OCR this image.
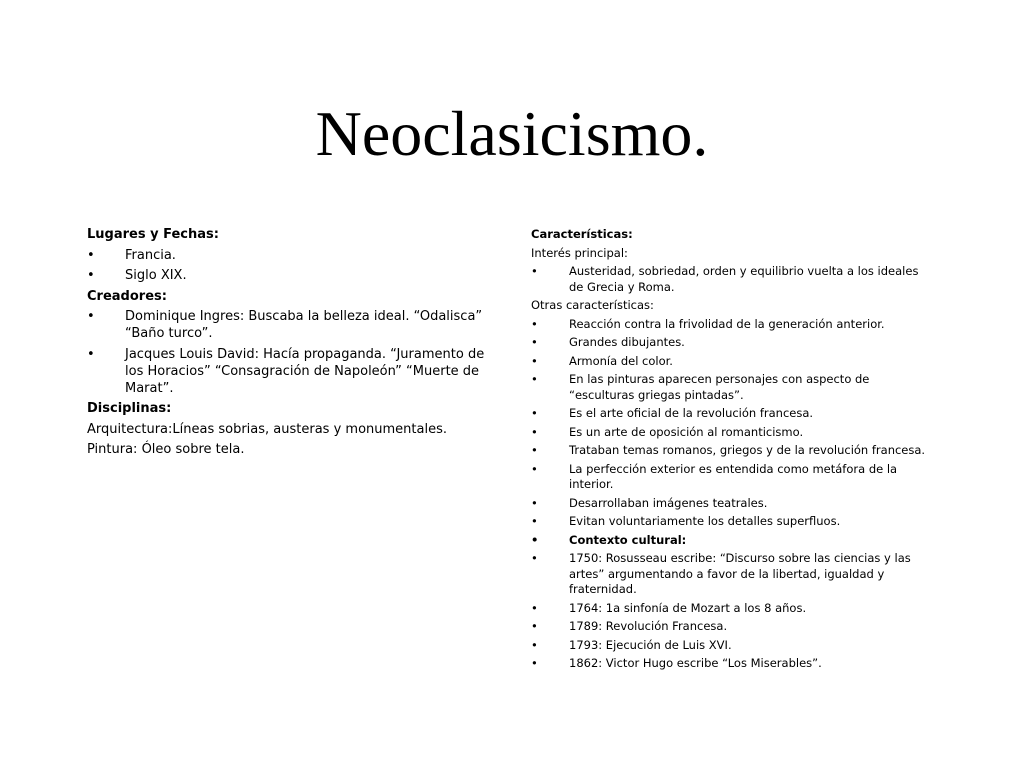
Neoclasicismo.

Lugares y Fechas:

• Francia.
• Siglo XIX.

Creadores:

• Dominique Ingres: Buscaba la belleza ideal. “Odalisca” “Baño turco”.
• Jacques Louis David: Hacía propaganda. “Juramento de los Horacios” “Consagración de Napoleón” “Muerte de Marat”.

Disciplinas:

Arquitectura:Líneas sobrias, austeras y monumentales.

Pintura: Óleo sobre tela.

Características:

Interés principal:

•	Austeridad, sobriedad, orden y equilibrio vuelta a los ideales de Grecia y Roma.

Otras características:

•	Reacción contra la frivolidad de la generación anterior.
•	Grandes dibujantes.
•	Armonía del color.
•	En las pinturas aparecen personajes con aspecto de “esculturas griegas pintadas”.
•	Es el arte oficial de la revolución francesa.
•	Es un arte de oposición al romanticismo.
•	Trataban temas romanos, griegos y de la revolución francesa.
•	La perfección exterior es entendida como metáfora de la interior.
•	Desarrollaban imágenes teatrales.
•	Evitan voluntariamente los detalles superfluos.
•	Contexto cultural:
•	1750: Rosusseau escribe: “Discurso sobre las ciencias y las artes” argumentando a favor de la libertad, igualdad y fraternidad.
•	1764: 1a sinfonía de Mozart a los 8 años.
•	1789: Revolución Francesa.
•	1793: Ejecución de Luis XVI.
•	1862: Victor Hugo escribe “Los Miserables”.
